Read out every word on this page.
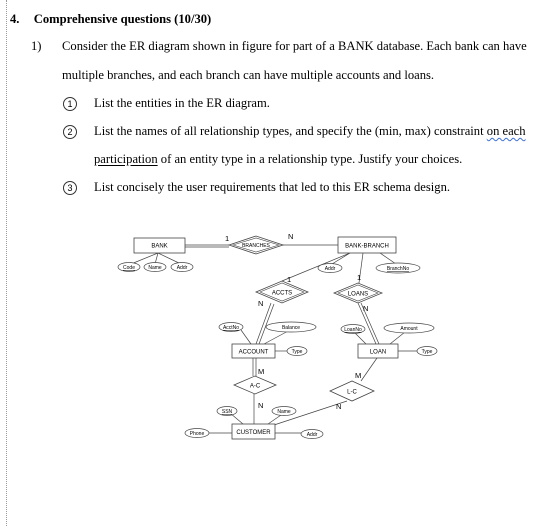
4. Comprehensive questions (10/30)
1) Consider the ER diagram shown in figure for part of a BANK database. Each bank can have
multiple branches, and each branch can have multiple accounts and loans.
1	List the entities in the ER diagram.
2	List the names of all relationship types, and specify the (min, max) constraint on each
participation of an entity type in a relationship type. Justify your choices.
3	List concisely the user requirements that led to this ER schema design.
BANK	BANK-BRANCH
ACCOUNT	LOAN
CUSTOMER
BRANCHES
ACCTS	LOANS
A-C
L-C
Code	Name	Addr	Addr	BranchNo
AcctNo	Balance
Type
LoanNo	Amount
Type
SSN	Name
Phone	Addr
1	N
1
N
1
N
M
N
M
N
